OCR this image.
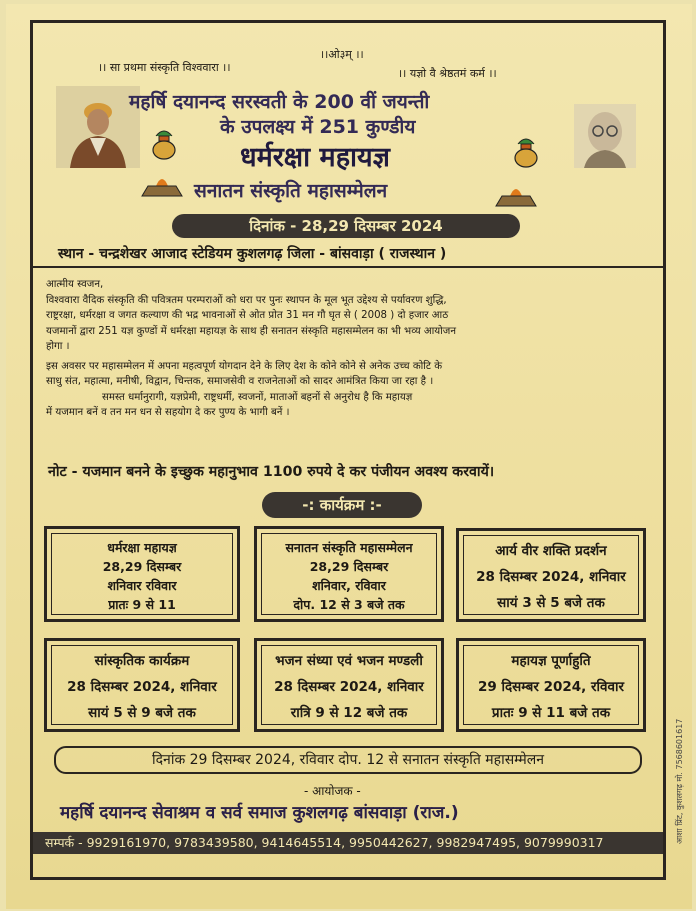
।।ओ३म् ।।
।। सा प्रथमा संस्कृति विश्ववारा ।।	।। यज्ञो वै श्रेष्ठतमं कर्म ।।
महर्षि दयानन्द सरस्वती के 200 वीं जयन्ती
के उपलक्ष्य में 251 कुण्डीय
धर्मरक्षा महायज्ञ
सनातन संस्कृति महासम्मेलन
दिनांक - 28,29 दिसम्बर 2024
स्थान - चन्द्रशेखर आजाद स्टेडियम कुशलगढ़ जिला - बांसवाड़ा ( राजस्थान )
आत्मीय स्वजन,
विश्ववारा वैदिक संस्कृति की पवित्रतम परम्पराओं को धरा पर पुनः स्थापन के मूल भूत उद्देश्य से पर्यावरण शुद्धि,
राष्ट्ररक्षा, धर्मरक्षा व जगत कल्याण की भद्र भावनाओं से ओत प्रोत 31 मन गौ घृत से ( 2008 ) दो हजार आठ
यजमानों द्वारा 251 यज्ञ कुण्डों में धर्मरक्षा महायज्ञ के साथ ही सनातन संस्कृति महासम्मेलन का भी भव्य आयोजन
होगा ।
इस अवसर पर महासम्मेलन में अपना महत्वपूर्ण योगदान देने के लिए देश के कोने कोने से अनेक उच्च कोटि के
साधु संत, महात्मा, मनीषी, विद्वान, चिन्तक, समाजसेवी व राजनेताओं को सादर आमंत्रित किया जा रहा है ।
समस्त धर्मानुरागी, यज्ञप्रेमी, राष्ट्रधर्मी, स्वजनों, माताओं बहनों से अनुरोध है कि महायज्ञ
में यजमान बनें व तन मन धन से सहयोग दे कर पुण्य के भागी बनें ।
नोट - यजमान बनने के इच्छुक महानुभाव 1100 रुपये दे कर पंजीयन अवश्य करवायें।
-: कार्यक्रम :-
धर्मरक्षा महायज्ञ
28,29 दिसम्बर
शनिवार रविवार
प्रातः 9 से 11
सनातन संस्कृति महासम्मेलन
28,29 दिसम्बर
शनिवार, रविवार
दोप. 12 से 3 बजे तक
आर्य वीर शक्ति प्रदर्शन
28 दिसम्बर 2024, शनिवार
सायं 3 से 5 बजे तक
सांस्कृतिक कार्यक्रम
28 दिसम्बर 2024, शनिवार
सायं 5 से 9 बजे तक
भजन संध्या एवं भजन मण्डली
28 दिसम्बर 2024, शनिवार
रात्रि 9 से 12 बजे तक
महायज्ञ पूर्णाहुति
29 दिसम्बर 2024, रविवार
प्रातः 9 से 11 बजे तक
दिनांक 29 दिसम्बर 2024, रविवार दोप. 12 से सनातन संस्कृति महासम्मेलन
- आयोजक -
महर्षि दयानन्द सेवाश्रम व सर्व समाज कुशलगढ़ बांसवाड़ा (राज.)
सम्पर्क - 9929161970, 9783439580, 9414645514, 9950442627, 9982947495, 9079990317	आशा प्रिंट, कुशलगढ़ मो. 7568601617
